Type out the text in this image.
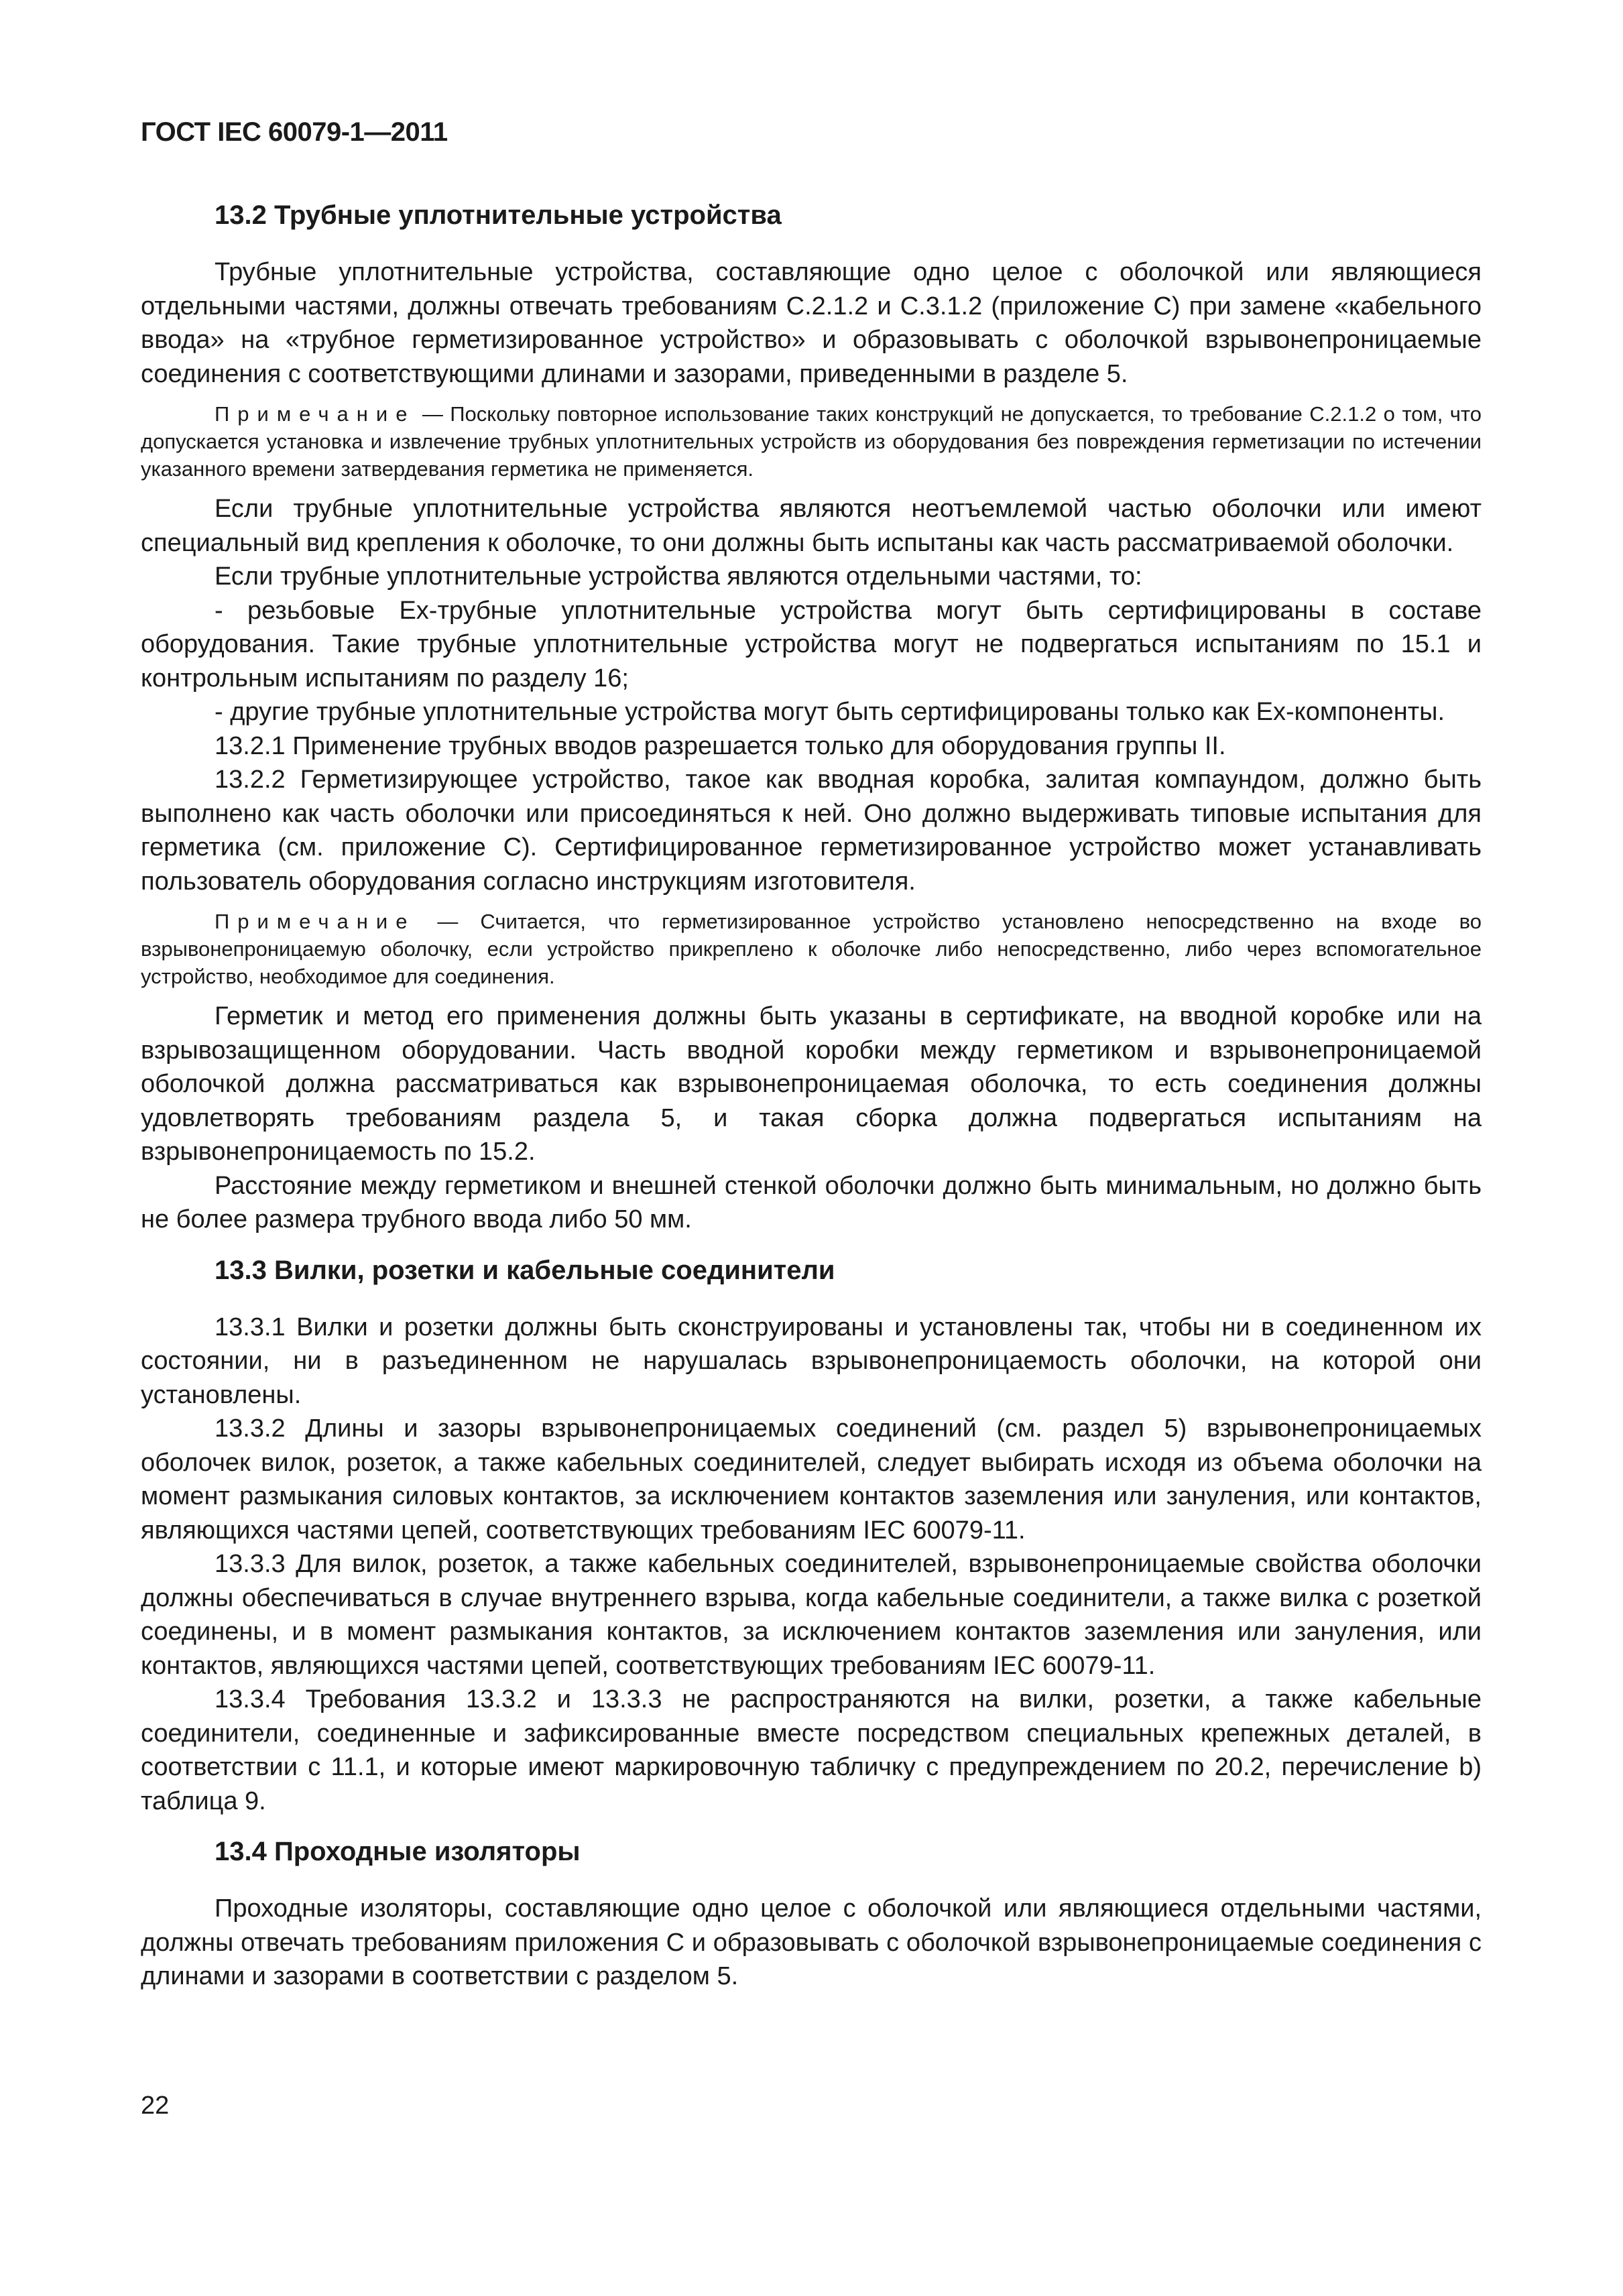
ГОСТ IEC 60079-1—2011
13.2 Трубные уплотнительные устройства

Трубные уплотнительные устройства, составляющие одно целое с оболочкой или являющиеся отдельными частями, должны отвечать требованиям С.2.1.2 и С.3.1.2 (приложение С) при замене «кабельного ввода» на «трубное герметизированное устройство» и образовывать с оболочкой взрывонепроницаемые соединения с соответствующими длинами и зазорами, приведенными в разделе 5.

Примечание — Поскольку повторное использование таких конструкций не допускается, то требование С.2.1.2 о том, что допускается установка и извлечение трубных уплотнительных устройств из оборудования без повреждения герметизации по истечении указанного времени затвердевания герметика не применяется.

Если трубные уплотнительные устройства являются неотъемлемой частью оболочки или имеют специальный вид крепления к оболочке, то они должны быть испытаны как часть рассматриваемой оболочки.

Если трубные уплотнительные устройства являются отдельными частями, то:

- резьбовые Ex-трубные уплотнительные устройства могут быть сертифицированы в составе оборудования. Такие трубные уплотнительные устройства могут не подвергаться испытаниям по 15.1 и контрольным испытаниям по разделу 16;

- другие трубные уплотнительные устройства могут быть сертифицированы только как Ex-компоненты.

13.2.1 Применение трубных вводов разрешается только для оборудования группы II.

13.2.2 Герметизирующее устройство, такое как вводная коробка, залитая компаундом, должно быть выполнено как часть оболочки или присоединяться к ней. Оно должно выдерживать типовые испытания для герметика (см. приложение С). Сертифицированное герметизированное устройство может устанавливать пользователь оборудования согласно инструкциям изготовителя.

Примечание — Считается, что герметизированное устройство установлено непосредственно на входе во взрывонепроницаемую оболочку, если устройство прикреплено к оболочке либо непосредственно, либо через вспомогательное устройство, необходимое для соединения.

Герметик и метод его применения должны быть указаны в сертификате, на вводной коробке или на взрывозащищенном оборудовании. Часть вводной коробки между герметиком и взрывонепроницаемой оболочкой должна рассматриваться как взрывонепроницаемая оболочка, то есть соединения должны удовлетворять требованиям раздела 5, и такая сборка должна подвергаться испытаниям на взрывонепроницаемость по 15.2.

Расстояние между герметиком и внешней стенкой оболочки должно быть минимальным, но должно быть не более размера трубного ввода либо 50 мм.

13.3 Вилки, розетки и кабельные соединители

13.3.1 Вилки и розетки должны быть сконструированы и установлены так, чтобы ни в соединенном их состоянии, ни в разъединенном не нарушалась взрывонепроницаемость оболочки, на которой они установлены.

13.3.2 Длины и зазоры взрывонепроницаемых соединений (см. раздел 5) взрывонепроницаемых оболочек вилок, розеток, а также кабельных соединителей, следует выбирать исходя из объема оболочки на момент размыкания силовых контактов, за исключением контактов заземления или зануления, или контактов, являющихся частями цепей, соответствующих требованиям IEC 60079-11.

13.3.3 Для вилок, розеток, а также кабельных соединителей, взрывонепроницаемые свойства оболочки должны обеспечиваться в случае внутреннего взрыва, когда кабельные соединители, а также вилка с розеткой соединены, и в момент размыкания контактов, за исключением контактов заземления или зануления, или контактов, являющихся частями цепей, соответствующих требованиям IEC 60079-11.

13.3.4 Требования 13.3.2 и 13.3.3 не распространяются на вилки, розетки, а также кабельные соединители, соединенные и зафиксированные вместе посредством специальных крепежных деталей, в соответствии с 11.1, и которые имеют маркировочную табличку с предупреждением по 20.2, перечисление b) таблица 9.

13.4 Проходные изоляторы

Проходные изоляторы, составляющие одно целое с оболочкой или являющиеся отдельными частями, должны отвечать требованиям приложения С и образовывать с оболочкой взрывонепроницаемые соединения с длинами и зазорами в соответствии с разделом 5.

22
